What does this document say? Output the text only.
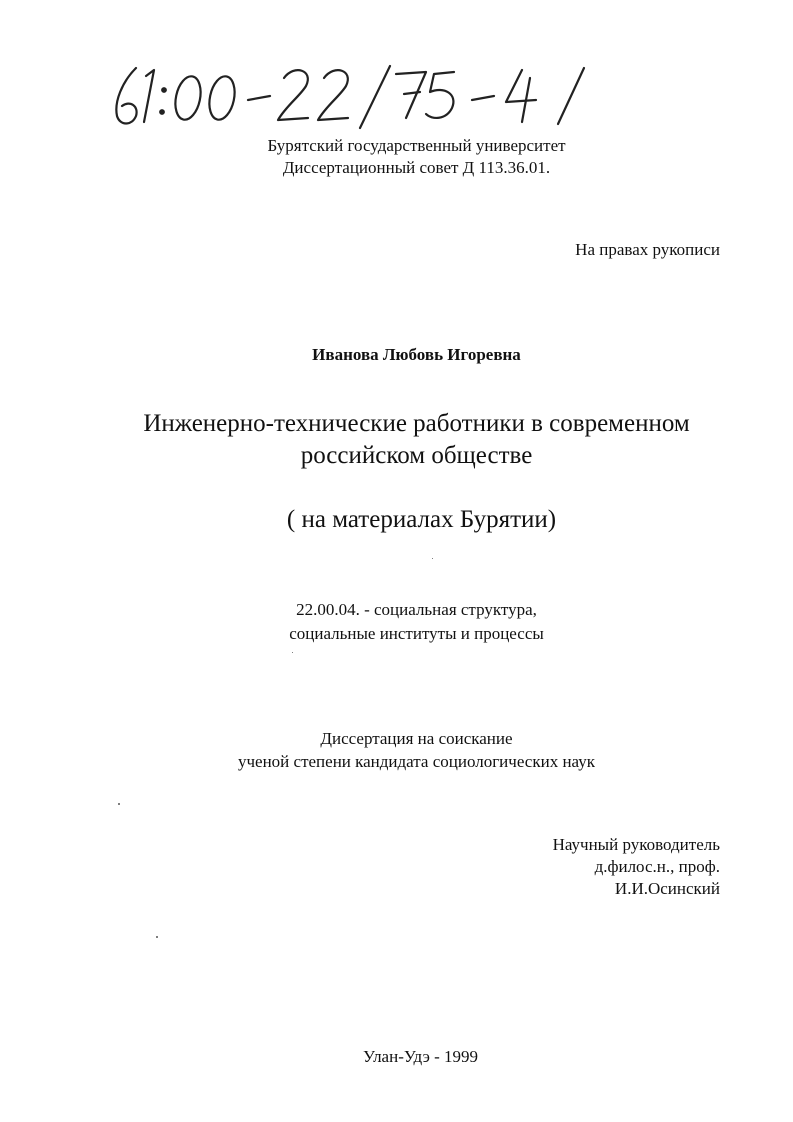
Бурятский государственный университет
Диссертационный совет Д 113.36.01.
На правах рукописи
Иванова Любовь Игоревна
Инженерно-технические работники в современном
российском обществе
( на материалах Бурятии)
22.00.04. - социальная структура,
социальные институты и процессы
Диссертация на соискание
ученой степени кандидата социологических наук
Научный руководитель
д.филос.н., проф.
И.И.Осинский
Улан-Удэ - 1999
